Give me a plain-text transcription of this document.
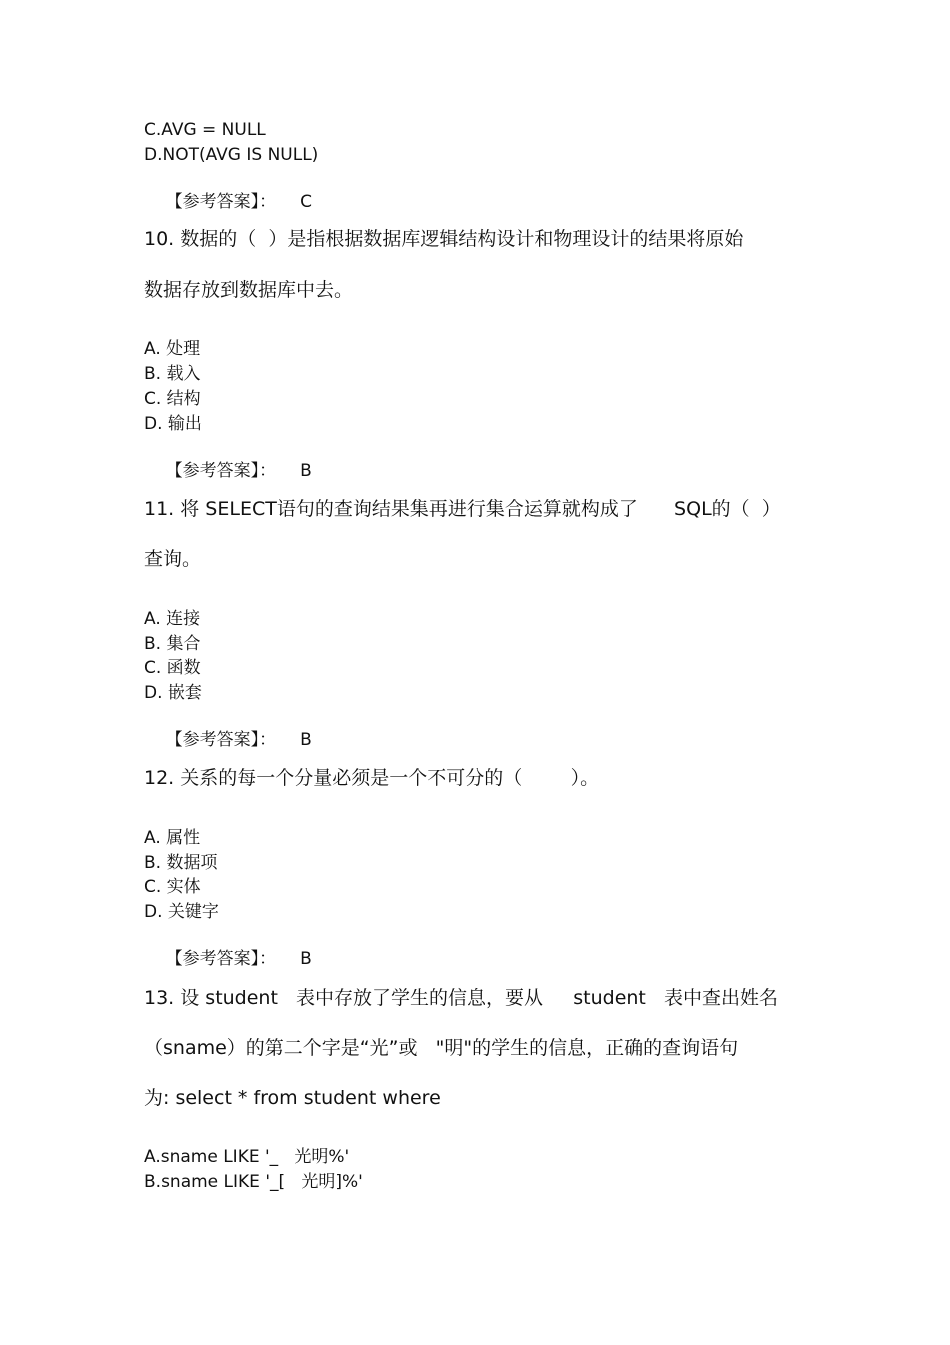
C.AVG = NULL
D.NOT(AVG IS NULL)

【参考答案】： C

10. 数据的（  ）是指根据数据库逻辑结构设计和物理设计的结果将原始
数据存放到数据库中去。
A. 处理
B. 载入
C. 结构
D. 输出

【参考答案】： B

11. 将 SELECT语句的查询结果集再进行集合运算就构成了      SQL的（  ）
查询。
A. 连接
B. 集合
C. 函数
D. 嵌套

【参考答案】： B

12. 关系的每一个分量必须是一个不可分的（        ）。
A. 属性
B. 数据项
C. 实体
D. 关键字

【参考答案】： B

13. 设 student   表中存放了学生的信息，要从     student   表中查出姓名
（sname）的第二个字是“光”或   "明"的学生的信息，正确的查询语句
为: select * from student where
A.sname LIKE '_   光明%'
B.sname LIKE '_[   光明]%'
